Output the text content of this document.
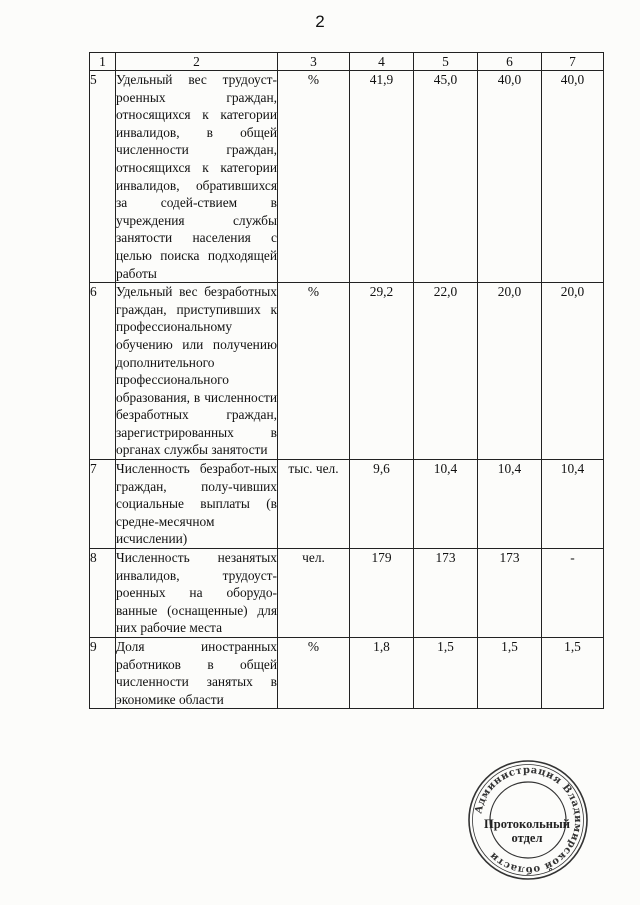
2
1	2	3	4	5	6	7
5	Удельный вес трудоуст-роенных граждан, относящихся к категории инвалидов, в общей численности граждан, относящихся к категории инвалидов, обратившихся за содей-ствием в учреждения службы занятости населения с целью поиска подходящей работы	%	41,9	45,0	40,0	40,0
6	Удельный вес безработных граждан, приступивших к профессиональному обучению или получению дополнительного профессионального образования, в численности безработных граждан, зарегистрированных в органах службы занятости	%	29,2	22,0	20,0	20,0
7	Численность безработ-ных граждан, полу-чивших социальные выплаты (в средне-месячном исчислении)	тыс. чел.	9,6	10,4	10,4	10,4
8	Численность незанятых инвалидов, трудоуст-роенных на оборудо-ванные (оснащенные) для них рабочие места	чел.	179	173	173	-
9	Доля иностранных работников в общей численности занятых в экономике области	%	1,8	1,5	1,5	1,5
Администрация Владимирской области
Протокольный
отдел
